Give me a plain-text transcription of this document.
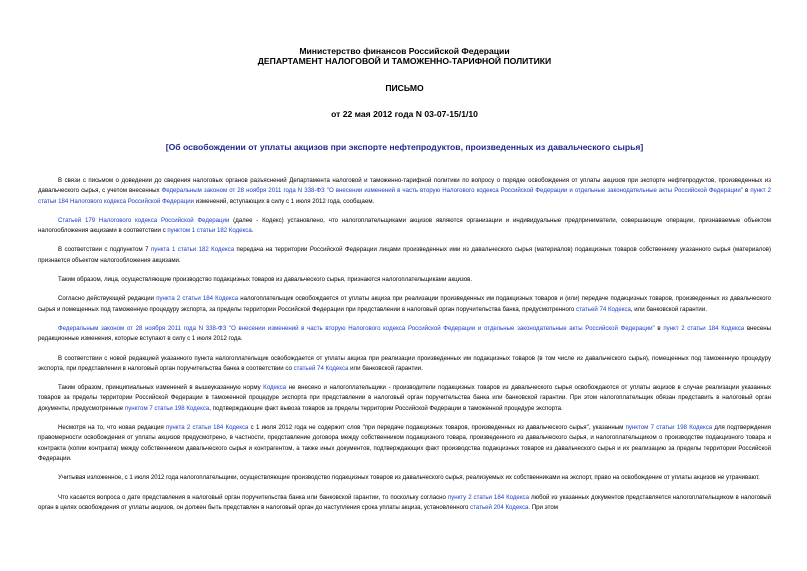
Министерство финансов Российской Федерации
ДЕПАРТАМЕНТ НАЛОГОВОЙ И ТАМОЖЕННО-ТАРИФНОЙ ПОЛИТИКИ
ПИСЬМО
от 22 мая 2012 года N 03-07-15/1/10
[Об освобождении от уплаты акцизов при экспорте нефтепродуктов, произведенных из давальческого сырья]

В связи с письмом о доведении до сведения налоговых органов разъяснений Департамента налоговой и таможенно-тарифной политики по вопросу о порядке освобождения от уплаты акцизов при экспорте нефтепродуктов, произведенных из давальческого сырья, с учетом внесенных Федеральным законом от 28 ноября 2011 года N 338-ФЗ "О внесении изменений в часть вторую Налогового кодекса Российской Федерации и отдельные законодательные акты Российской Федерации" в пункт 2 статьи 184 Налогового кодекса Российской Федерации изменений, вступающих в силу с 1 июля 2012 года, сообщаем.

Статьей 179 Налогового кодекса Российской Федерации (далее - Кодекс) установлено, что налогоплательщиками акцизов являются организации и индивидуальные предприниматели, совершающие операции, признаваемые объектом налогообложения акцизами в соответствии с пунктом 1 статьи 182 Кодекса.

В соответствии с подпунктом 7 пункта 1 статьи 182 Кодекса передача на территории Российской Федерации лицами произведенных ими из давальческого сырья (материалов) подакцизных товаров собственнику указанного сырья (материалов) признается объектом налогообложения акцизами.

Таким образом, лица, осуществляющие производство подакцизных товаров из давальческого сырья, признаются налогоплательщиками акцизов.

Согласно действующей редакции пункта 2 статьи 184 Кодекса налогоплательщик освобождается от уплаты акциза при реализации произведенных им подакцизных товаров и (или) передаче подакцизных товаров, произведенных из давальческого сырья и помещенных под таможенную процедуру экспорта, за пределы территории Российской Федерации при представлении в налоговый орган поручительства банка, предусмотренного статьей 74 Кодекса, или банковской гарантии.

Федеральным законом от 28 ноября 2011 года N 338-ФЗ "О внесении изменений в часть вторую Налогового кодекса Российской Федерации и отдельные законодательные акты Российской Федерации" в пункт 2 статьи 184 Кодекса внесены редакционные изменения, которые вступают в силу с 1 июля 2012 года.

В соответствии с новой редакцией указанного пункта налогоплательщик освобождается от уплаты акциза при реализации произведенных им подакцизных товаров (в том числе из давальческого сырья), помещенных под таможенную процедуру экспорта, при представлении в налоговый орган поручительства банка в соответствии со статьей 74 Кодекса или банковской гарантии.

Таким образом, принципиальных изменений в вышеуказанную норму Кодекса не внесено и налогоплательщики - производители подакцизных товаров из давальческого сырья освобождаются от уплаты акцизов в случае реализации указанных товаров за пределы территории Российской Федерации в таможенной процедуре экспорта при представлении в налоговый орган поручительства банка или банковской гарантии. При этом налогоплательщик обязан представить в налоговый орган документы, предусмотренные пунктом 7 статьи 198 Кодекса, подтверждающие факт вывоза товаров за пределы территории Российской Федерации в таможенной процедуре экспорта.

Несмотря на то, что новая редакция пункта 2 статьи 184 Кодекса с 1 июля 2012 года не содержит слов "при передаче подакцизных товаров, произведенных из давальческого сырья", указанным пунктом 7 статьи 198 Кодекса для подтверждения правомерности освобождения от уплаты акцизов предусмотрено, в частности, представление договора между собственником подакцизного товара, произведенного из давальческого сырья, и налогоплательщиком о производстве подакцизного товара и контракта (копии контракта) между собственником давальческого сырья и контрагентом, а также иных документов, подтверждающих факт производства подакцизных товаров из давальческого сырья и их реализацию за пределы территории Российской Федерации.

Учитывая изложенное, с 1 июля 2012 года налогоплательщики, осуществляющие производство подакцизных товаров из давальческого сырья, реализуемых их собственниками на экспорт, право на освобождение от уплаты акцизов не утрачивают.

Что касается вопроса о дате представления в налоговый орган поручительства банка или банковской гарантии, то поскольку согласно пункту 2 статьи 184 Кодекса любой из указанных документов представляется налогоплательщиком в налоговый орган в целях освобождения от уплаты акцизов, он должен быть представлен в налоговый орган до наступления срока уплаты акциза, установленного статьей 204 Кодекса. При этом
